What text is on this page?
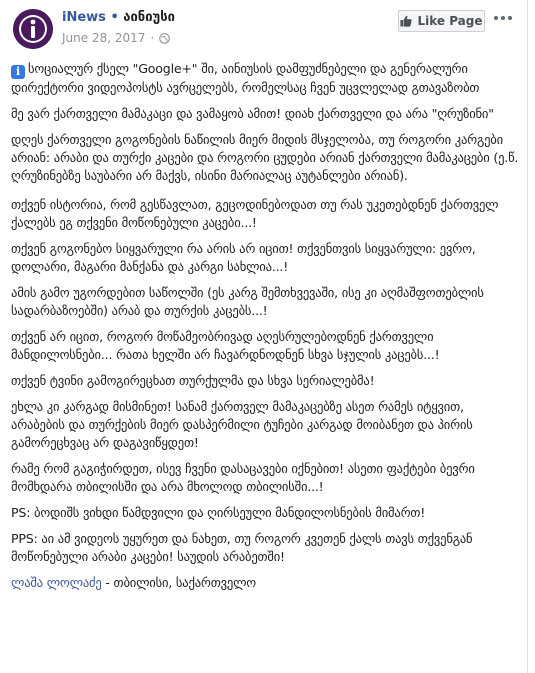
iNews • აინიუსი
June 28, 2017 ·
Like Page

i სოციალურ ქსელ "Google+" ში, აინიუსის დამფუძნებელი და გენერალური დირექტორი ვიდეოპოსტს ავრცელებს, რომელსაც ჩვენ უცვლელად გთავაზობთ

მე ვარ ქართველი მამაკაცი და ვამაყობ ამით! დიახ ქართველი და არა "ღრუზინი"

დღეს ქართველი გოგონების ნაწილის მიერ მიდის მსჯელობა, თუ როგორი კარგები არიან: არაბი და თურქი კაცები და როგორი ცუდები არიან ქართველი მამაკაცები (ე.წ. ღრუზინებზე საუბარი არ მაქვს, ისინი მარიალაც აუტანლები არიან).

თქვენ ისტორია, რომ გესწავლათ, გეცოდინებოდათ თუ რას უკეთებდნენ ქართველ ქალებს ეგ თქვენი მოწონებული კაცები...!

თქვენ გოგონებო სიყვარული რა არის არ იცით! თქვენთვის სიყვარული: ევრო, დოლარი, მაგარი მანქანა და კარგი სახლია...!

ამის გამო უგორდებით საწოლში (ეს კარგ შემთხვევაში, ისე კი აღმაშფოთებლის სადარბაზოებში) არაბ და თურქის კაცებს...!

თქვენ არ იცით, როგორ მოწამეობრივად აღესრულებოდნენ ქართველი მანდილოსნები... რათა ხელში არ ჩავარდნოდნენ სხვა სჯულის კაცებს...!

თქვენ ტვინი გამოგირეცხათ თურქულმა და სხვა სერიალებმა!

ეხლა კი კარგად მისმინეთ! სანამ ქართველ მამაკაცებზე ასეთ რამეს იტყვით, არაბების და თურქების მიერ დასპერმილი ტუჩები კარგად მოიბანეთ და პირის გამორეცხვაც არ დაგავიწყდეთ!

რამე რომ გაგიჭირდეთ, ისევ ჩვენი დასაცავები იქნებით! ასეთი ფაქტები ბევრი მომხდარა თბილისში და არა მხოლოდ თბილისში...!

PS: ბოდიშს ვიხდი წამდვილი და ღირსეული მანდილოსნების მიმართ!

PPS: აი ამ ვიდეოს უყურეთ და ნახეთ, თუ როგორ კვეთენ ქალს თავს თქვენგან მოწონებული არაბი კაცები! საუდის არაბეთში!

ლაშა ლოლაძე - თბილისი, საქართველო
